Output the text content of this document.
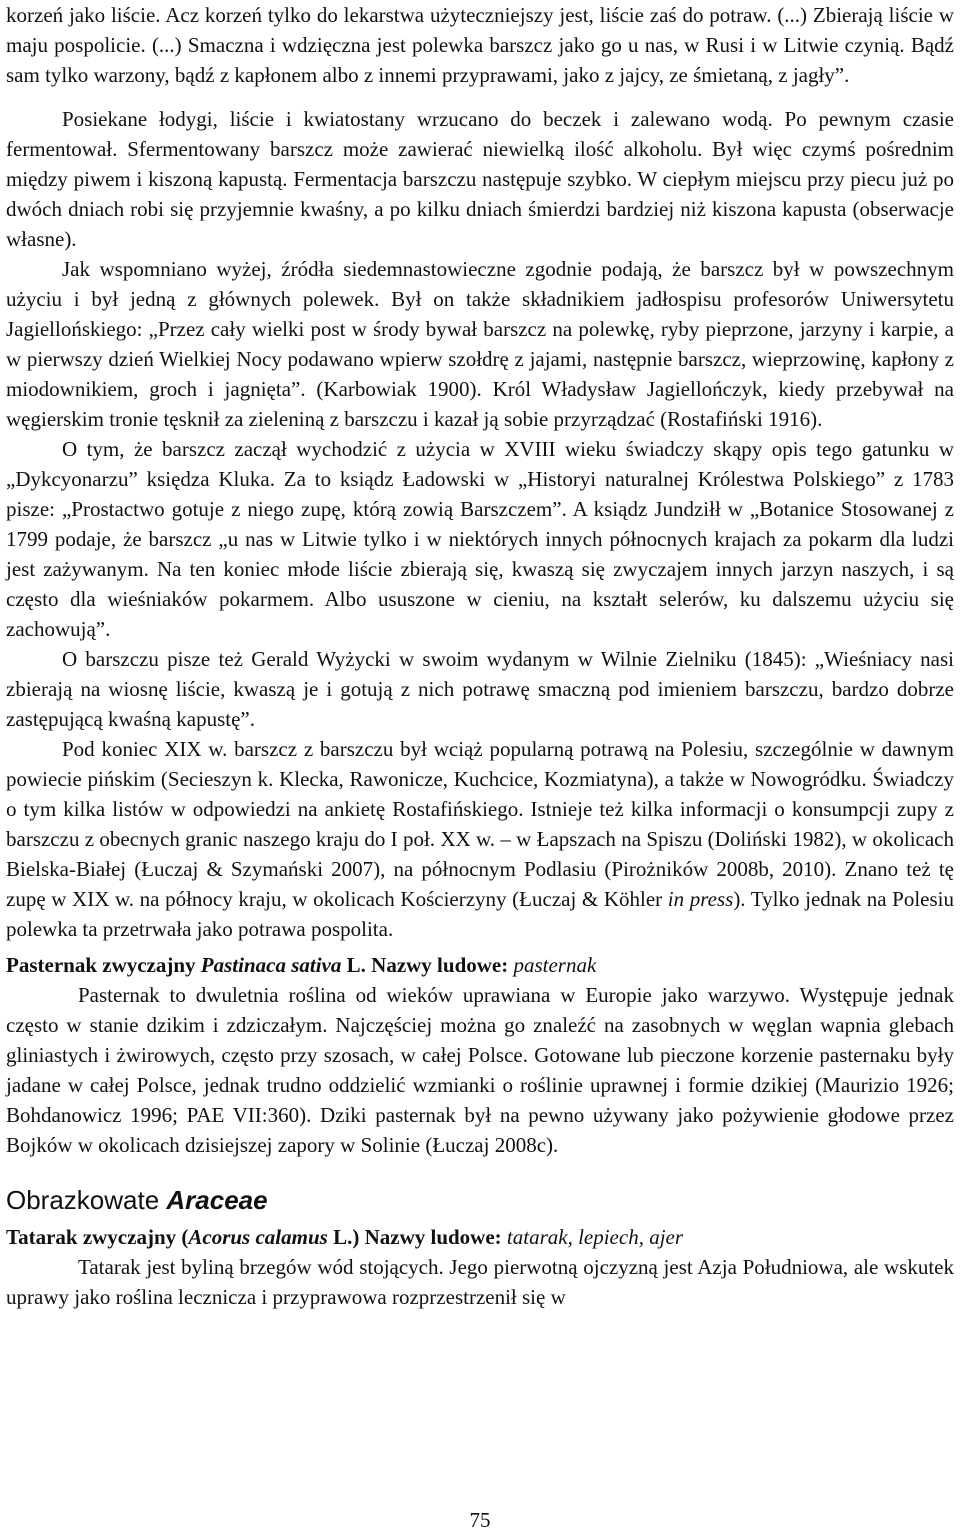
korzeń jako liście. Acz korzeń tylko do lekarstwa użyteczniejszy jest, liście zaś do potraw. (...) Zbierają liście w maju pospolicie. (...) Smaczna i wdzięczna jest polewka barszcz jako go u nas, w Rusi i w Litwie czynią. Bądź sam tylko warzony, bądź z kapłonem albo z innemi przyprawami, jako z jajcy, ze śmietaną, z jagły”.

Posiekane łodygi, liście i kwiatostany wrzucano do beczek i zalewano wodą. Po pewnym czasie fermentował. Sfermentowany barszcz może zawierać niewielką ilość alkoholu. Był więc czymś pośrednim między piwem i kiszoną kapustą. Fermentacja barszczu następuje szybko. W ciepłym miejscu przy piecu już po dwóch dniach robi się przyjemnie kwaśny, a po kilku dniach śmierdzi bardziej niż kiszona kapusta (obserwacje własne).

Jak wspomniano wyżej, źródła siedemnastowieczne zgodnie podają, że barszcz był w powszechnym użyciu i był jedną z głównych polewek. Był on także składnikiem jadłospisu profesorów Uniwersytetu Jagiellońskiego: „Przez cały wielki post w środy bywał barszcz na polewkę, ryby pieprzone, jarzyny i karpie, a w pierwszy dzień Wielkiej Nocy podawano wpierw szołdrę z jajami, następnie barszcz, wieprzowinę, kapłony z miodownikiem, groch i jagnięta”. (Karbowiak 1900). Król Władysław Jagiellończyk, kiedy przebywał na węgierskim tronie tęsknił za zieleniną z barszczu i kazał ją sobie przyrządzać (Rostafiński 1916).

O tym, że barszcz zaczął wychodzić z użycia w XVIII wieku świadczy skąpy opis tego gatunku w „Dykcyonarzu” księdza Kluka. Za to ksiądz Ładowski w „Historyi naturalnej Królestwa Polskiego” z 1783 pisze: „Prostactwo gotuje z niego zupę, którą zowią Barszczem”. A ksiądz Jundziłł w „Botanice Stosowanej z 1799 podaje, że barszcz „u nas w Litwie tylko i w niektórych innych północnych krajach za pokarm dla ludzi jest zażywanym. Na ten koniec młode liście zbierają się, kwaszą się zwyczajem innych jarzyn naszych, i są często dla wieśniaków pokarmem. Albo ususzone w cieniu, na kształt selerów, ku dalszemu użyciu się zachowują”.

O barszczu pisze też Gerald Wyżycki w swoim wydanym w Wilnie Zielniku (1845): „Wieśniacy nasi zbierają na wiosnę liście, kwaszą je i gotują z nich potrawę smaczną pod imieniem barszczu, bardzo dobrze zastępującą kwaśną kapustę”.

Pod koniec XIX w. barszcz z barszczu był wciąż popularną potrawą na Polesiu, szczególnie w dawnym powiecie pińskim (Secieszyn k. Klecka, Rawonicze, Kuchcice, Kozmiatyna), a także w Nowogródku. Świadczy o tym kilka listów w odpowiedzi na ankietę Rostafińskiego. Istnieje też kilka informacji o konsumpcji zupy z barszczu z obecnych granic naszego kraju do I poł. XX w. – w Łapszach na Spiszu (Doliński 1982), w okolicach Bielska-Białej (Łuczaj & Szymański 2007), na północnym Podlasiu (Pirożników 2008b, 2010). Znano też tę zupę w XIX w. na północy kraju, w okolicach Kościerzyny (Łuczaj & Köhler in press). Tylko jednak na Polesiu polewka ta przetrwała jako potrawa pospolita.

Pasternak zwyczajny Pastinaca sativa L. Nazwy ludowe: pasternak

Pasternak to dwuletnia roślina od wieków uprawiana w Europie jako warzywo. Występuje jednak często w stanie dzikim i zdziczałym. Najczęściej można go znaleźć na zasobnych w węglan wapnia glebach gliniastych i żwirowych, często przy szosach, w całej Polsce. Gotowane lub pieczone korzenie pasternaku były jadane w całej Polsce, jednak trudno oddzielić wzmianki o roślinie uprawnej i formie dzikiej (Maurizio 1926; Bohdanowicz 1996; PAE VII:360). Dziki pasternak był na pewno używany jako pożywienie głodowe przez Bojków w okolicach dzisiejszej zapory w Solinie (Łuczaj 2008c).

Obrazkowate Araceae

Tatarak zwyczajny (Acorus calamus L.) Nazwy ludowe: tatarak, lepiech, ajer

Tatarak jest byliną brzegów wód stojących. Jego pierwotną ojczyzną jest Azja Południowa, ale wskutek uprawy jako roślina lecznicza i przyprawowa rozprzestrzenił się w

75
